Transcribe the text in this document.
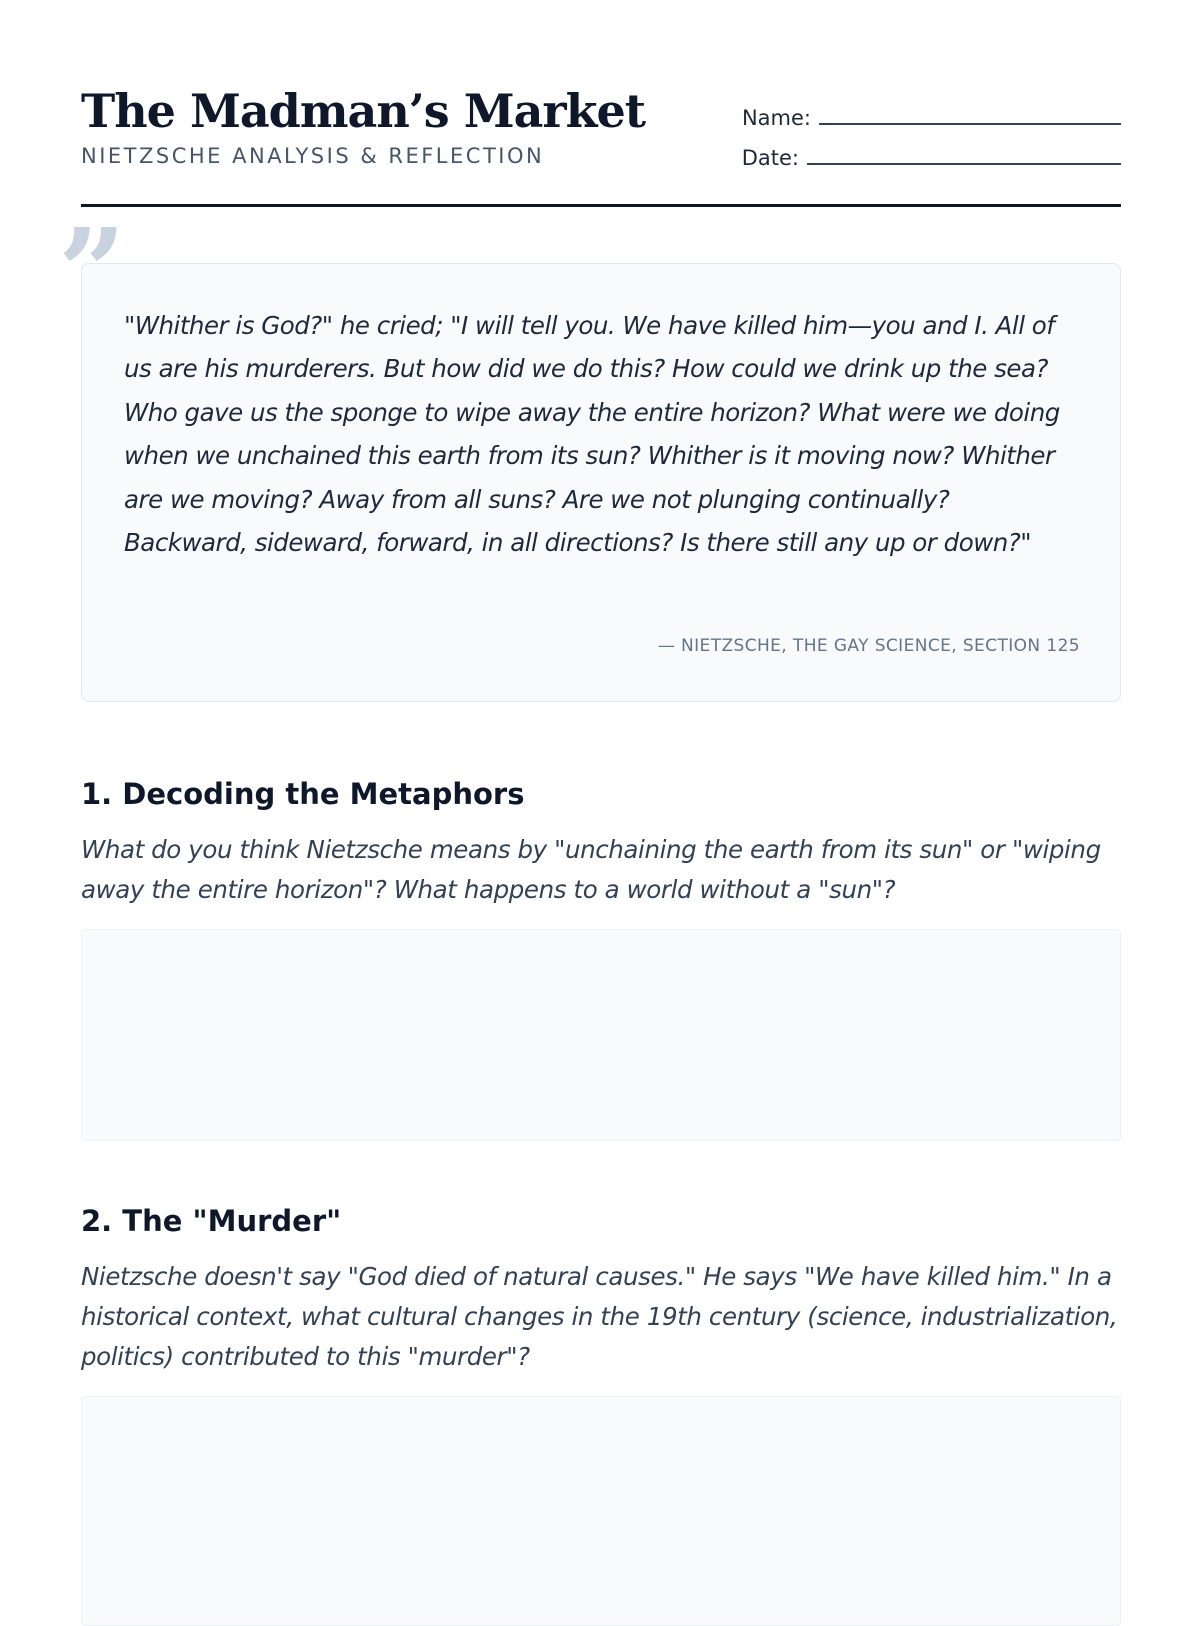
The Madman’s Market
NIETZSCHE ANALYSIS & REFLECTION
Name:
Date:
”

"Whither is God?" he cried; "I will tell you. We have killed him—you and I. All of us are his murderers. But how did we do this? How could we drink up the sea? Who gave us the sponge to wipe away the entire horizon? What were we doing when we unchained this earth from its sun? Whither is it moving now? Whither are we moving? Away from all suns? Are we not plunging continually? Backward, sideward, forward, in all directions? Is there still any up or down?"

— NIETZSCHE, THE GAY SCIENCE, SECTION 125
1. Decoding the Metaphors

What do you think Nietzsche means by "unchaining the earth from its sun" or "wiping away the entire horizon"? What happens to a world without a "sun"?

2. The "Murder"

Nietzsche doesn't say "God died of natural causes." He says "We have killed him." In a historical context, what cultural changes in the 19th century (science, industrialization, politics) contributed to this "murder"?
